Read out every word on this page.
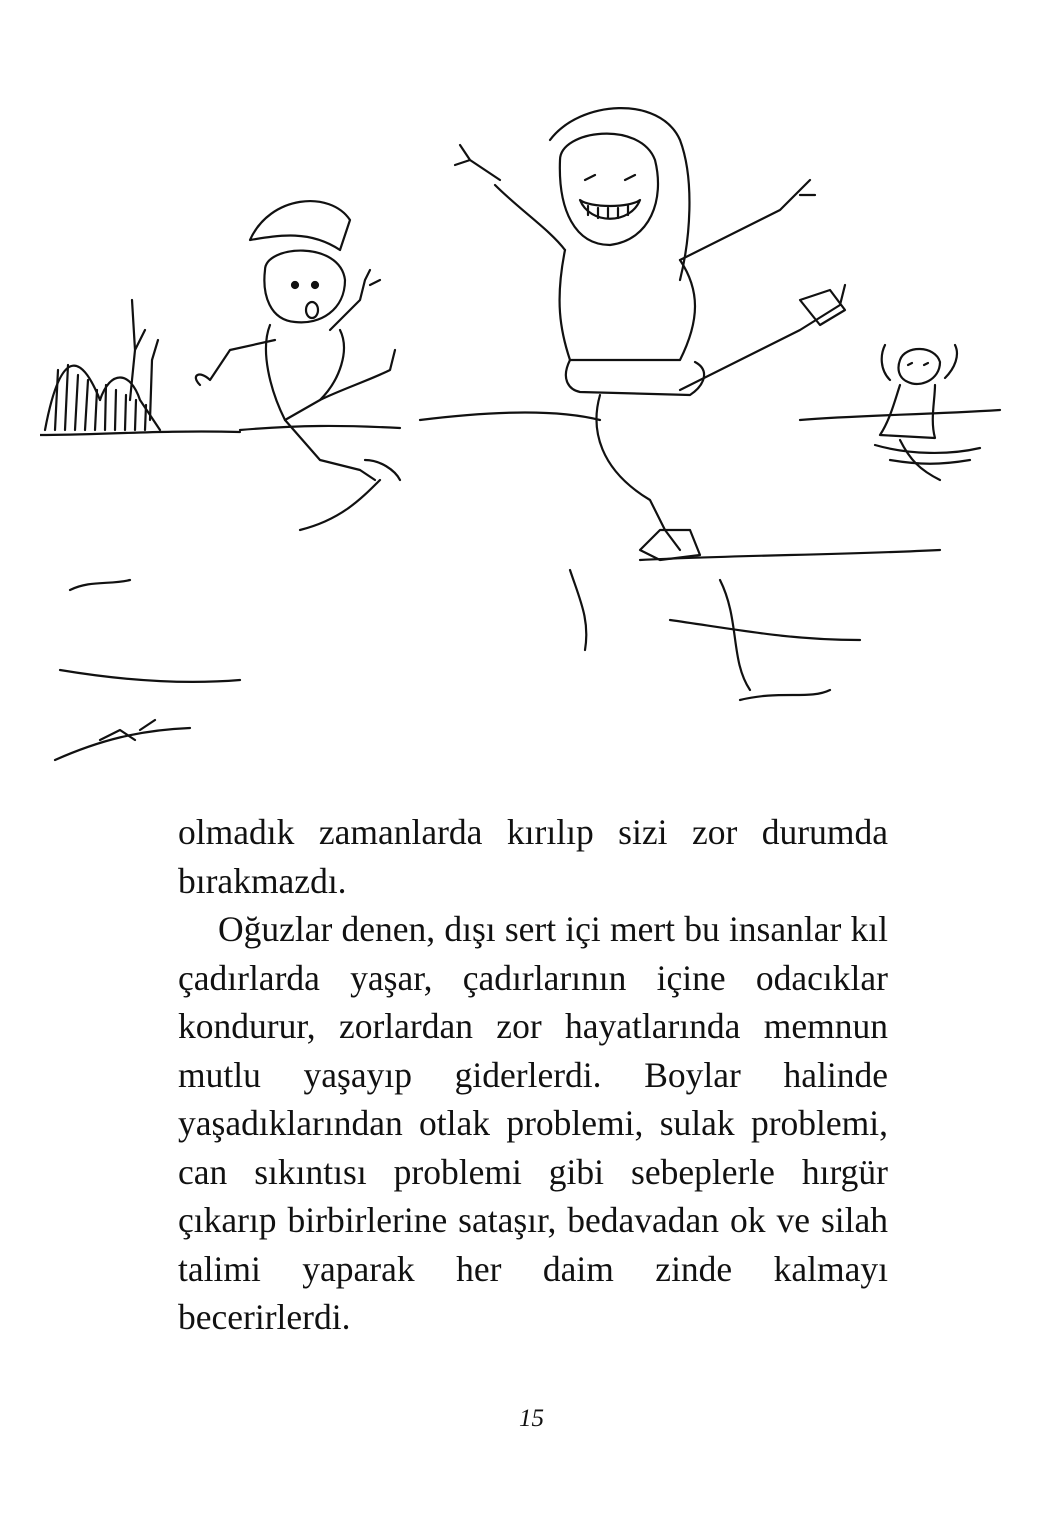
olmadık zamanlarda kırılıp sizi zor durumda bırakmazdı.

Oğuzlar denen, dışı sert içi mert bu insanlar kıl çadırlarda yaşar, çadırlarının içine odacıklar kondurur, zorlardan zor hayatlarında memnun mutlu yaşayıp giderlerdi. Boylar halinde yaşadıklarından otlak problemi, sulak problemi, can sıkıntısı problemi gibi sebeplerle hırgür çıkarıp birbirlerine sataşır, bedavadan ok ve silah talimi yaparak her daim zinde kalmayı becerirlerdi.

15
